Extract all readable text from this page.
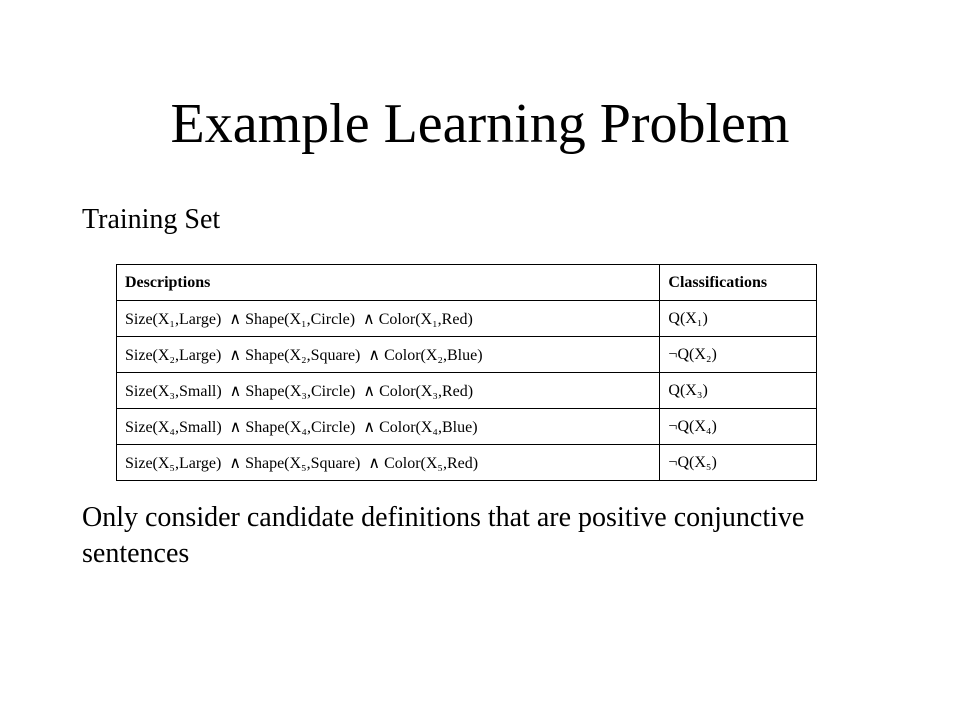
Example Learning Problem
Training Set
Descriptions	Classifications
Size(X₁,Large)  ∧ Shape(X₁,Circle)  ∧ Color(X₁,Red)	Q(X₁)
Size(X₂,Large)  ∧ Shape(X₂,Square)  ∧ Color(X₂,Blue)	¬Q(X₂)
Size(X₃,Small)  ∧ Shape(X₃,Circle)  ∧ Color(X₃,Red)	Q(X₃)
Size(X₄,Small)  ∧ Shape(X₄,Circle)  ∧ Color(X₄,Blue)	¬Q(X₄)
Size(X₅,Large)  ∧ Shape(X₅,Square)  ∧ Color(X₅,Red)	¬Q(X₅)

Only consider candidate definitions that are positive conjunctive sentences
